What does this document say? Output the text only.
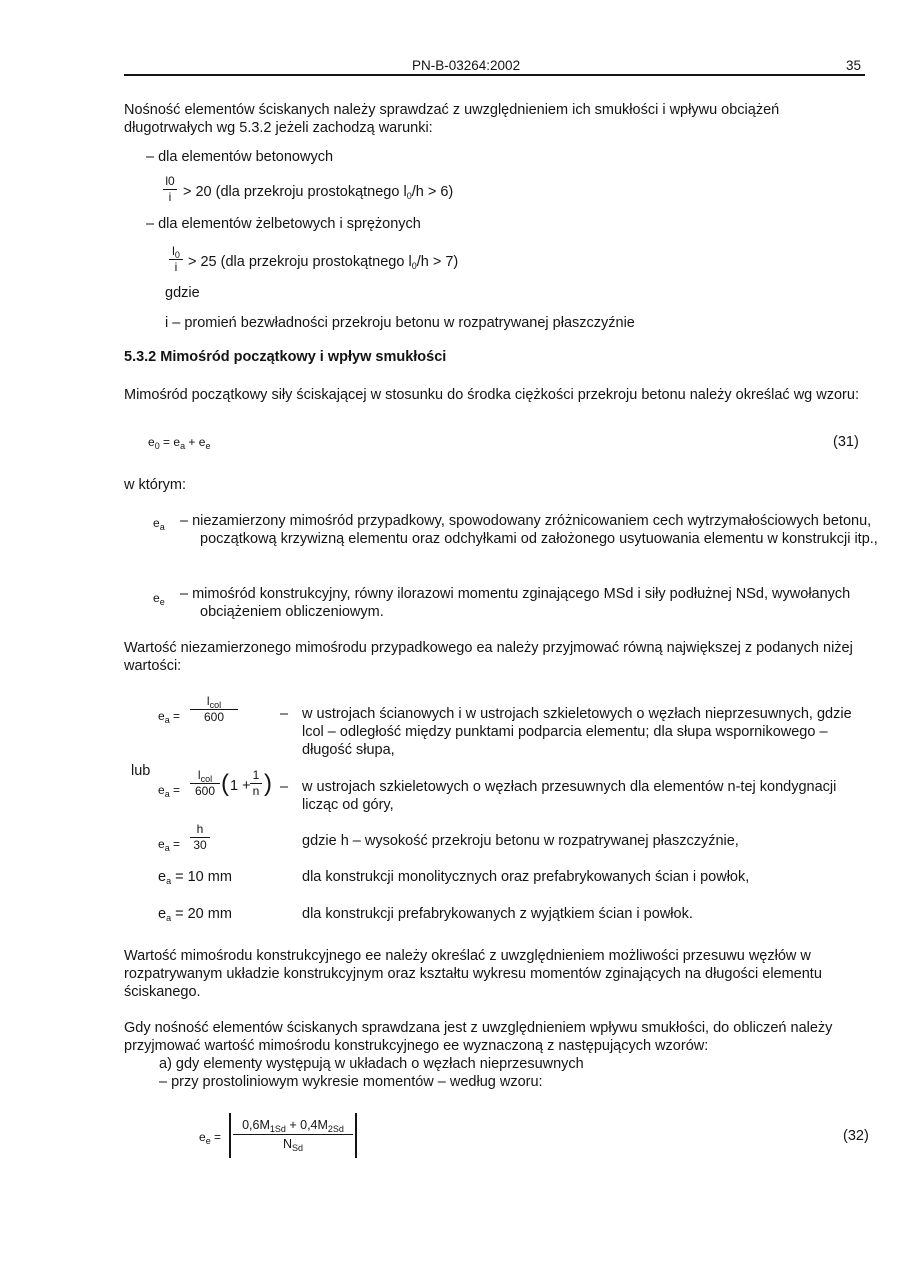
PN-B-03264:2002	35
Nośność elementów ściskanych należy sprawdzać z uwzględnieniem ich smukłości i wpływu obciążeń długotrwałych wg 5.3.2 jeżeli zachodzą warunki:
– dla elementów betonowych
$\frac{l0}{i} > 20$ (dla przekroju prostokątnego $l_0/h > 6$)
– dla elementów żelbetowych i sprężonych
$\frac{l_0}{i} > 25$ (dla przekroju prostokątnego $l_0/h > 7$)
gdzie
i – promień bezwładności przekroju betonu w rozpatrywanej płaszczyźnie
5.3.2 Mimośród początkowy i wpływ smukłości
Mimośród początkowy siły ściskającej w stosunku do środka ciężkości przekroju betonu należy określać wg wzoru:
$e_0 = e_a + e_e$	(31)
w którym:
$e_a$ – niezamierzony mimośród przypadkowy, spowodowany zróżnicowaniem cech wytrzymałościowych betonu, początkową krzywizną elementu oraz odchyłkami od założonego usytuowania elementu w konstrukcji itp.,
$e_e$ – mimośród konstrukcyjny, równy ilorazowi momentu zginającego MSd i siły podłużnej NSd, wywołanych obciążeniem obliczeniowym.
Wartość niezamierzonego mimośrodu przypadkowego ea należy przyjmować równą największej z podanych niżej wartości:
$e_a$ =
$l_{col}$
600	– w ustrojach ścianowych i w ustrojach szkieletowych o węzłach nieprzesuwnych, gdzie lcol – odległość między punktami podparcia elementu; dla słupa wspornikowego – długość słupa,
lub
$e_a$ =
$l_{col}$
600 ( $1 + \frac{1}{n}$ ) – w ustrojach szkieletowych o węzłach przesuwnych dla elementów n-tej kondygnacji licząc od góry,
$e_a = \frac{h}{30}$	gdzie h – wysokość przekroju betonu w rozpatrywanej płaszczyźnie,
$e_a = 10$ mm	dla konstrukcji monolitycznych oraz prefabrykowanych ścian i powłok,
$e_a = 20$ mm	dla konstrukcji prefabrykowanych z wyjątkiem ścian i powłok.
Wartość mimośrodu konstrukcyjnego ee należy określać z uwzględnieniem możliwości przesuwu węzłów w rozpatrywanym układzie konstrukcyjnym oraz kształtu wykresu momentów zginających na długości elementu ściskanego.
Gdy nośność elementów ściskanych sprawdzana jest z uwzględnieniem wpływu smukłości, do obliczeń należy przyjmować wartość mimośrodu konstrukcyjnego ee wyznaczoną z następujących wzorów:
a) gdy elementy występują w układach o węzłach nieprzesuwnych
– przy prostoliniowym wykresie momentów – według wzoru:
$e_e$ =
$0,6M_{1Sd} + 0,4M_{2Sd}$
$N_{Sd}$
(32)
